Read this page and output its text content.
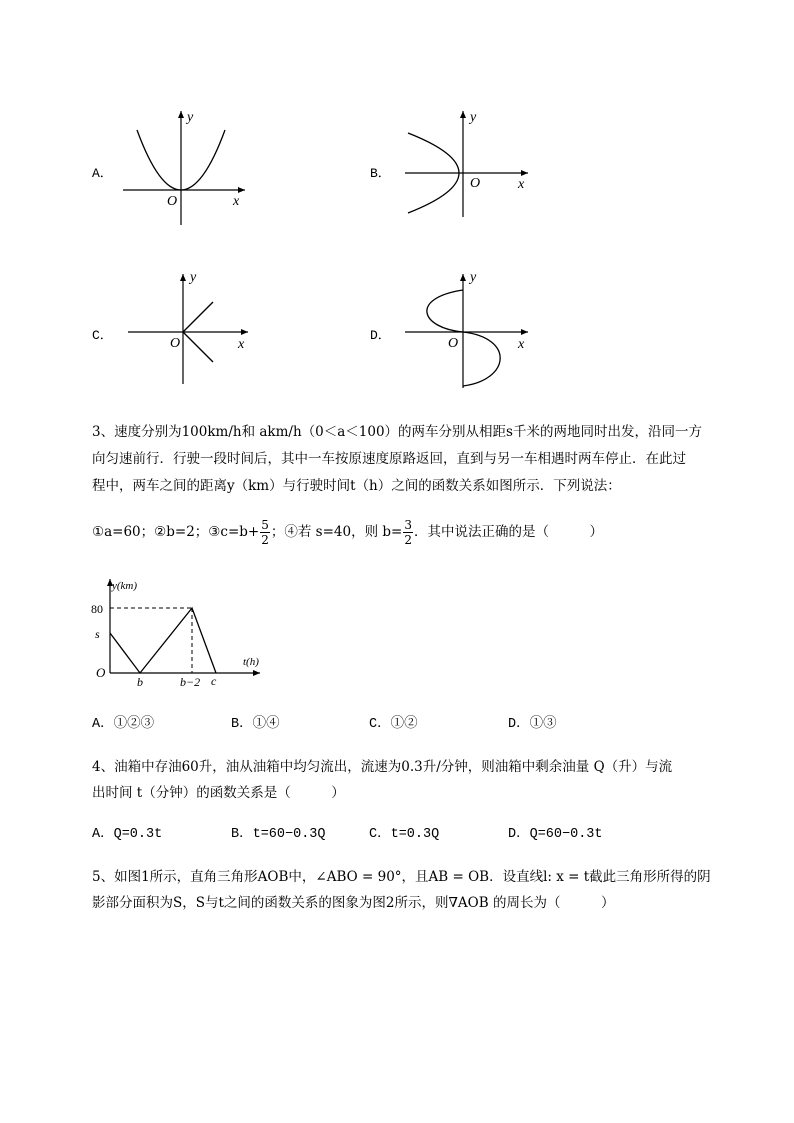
A．
O	x
y
B．
O	x
y
C．
O	x
y
D．
O	x
y
3、速度分别为100km/h和 akm/h（0＜a＜100）的两车分别从相距s千米的两地同时出发，沿同一方
向匀速前行．行驶一段时间后，其中一车按原速度原路返回，直到与另一车相遇时两车停止．在此过
程中，两车之间的距离y（km）与行驶时间t（h）之间的函数关系如图所示．下列说法：
①a=60；②b=2；③c=b+ $\frac{5}{2}$ ；④若 s=40，则 $b= \frac{3}{2}$ ．其中说法正确的是（　　　）
y(km)
t(h)
80
s
O
b	b−2 c
A．①②③	B．①④	C．①②	D．①③
4、油箱中存油60升，油从油箱中均匀流出，流速为0.3升/分钟，则油箱中剩余油量 Q（升）与流
出时间 t（分钟）的函数关系是（　　　）
A．Q=0.3t	B．t=60−0.3Q	C．t=0.3Q	D．Q=60−0.3t
5、如图1所示，直角三角形AOB中，∠ABO = 90°，且AB = OB．设直线l: x = t截此三角形所得的阴
影部分面积为S，S与t之间的函数关系的图象为图2所示，则∇AOB 的周长为（　　　）
